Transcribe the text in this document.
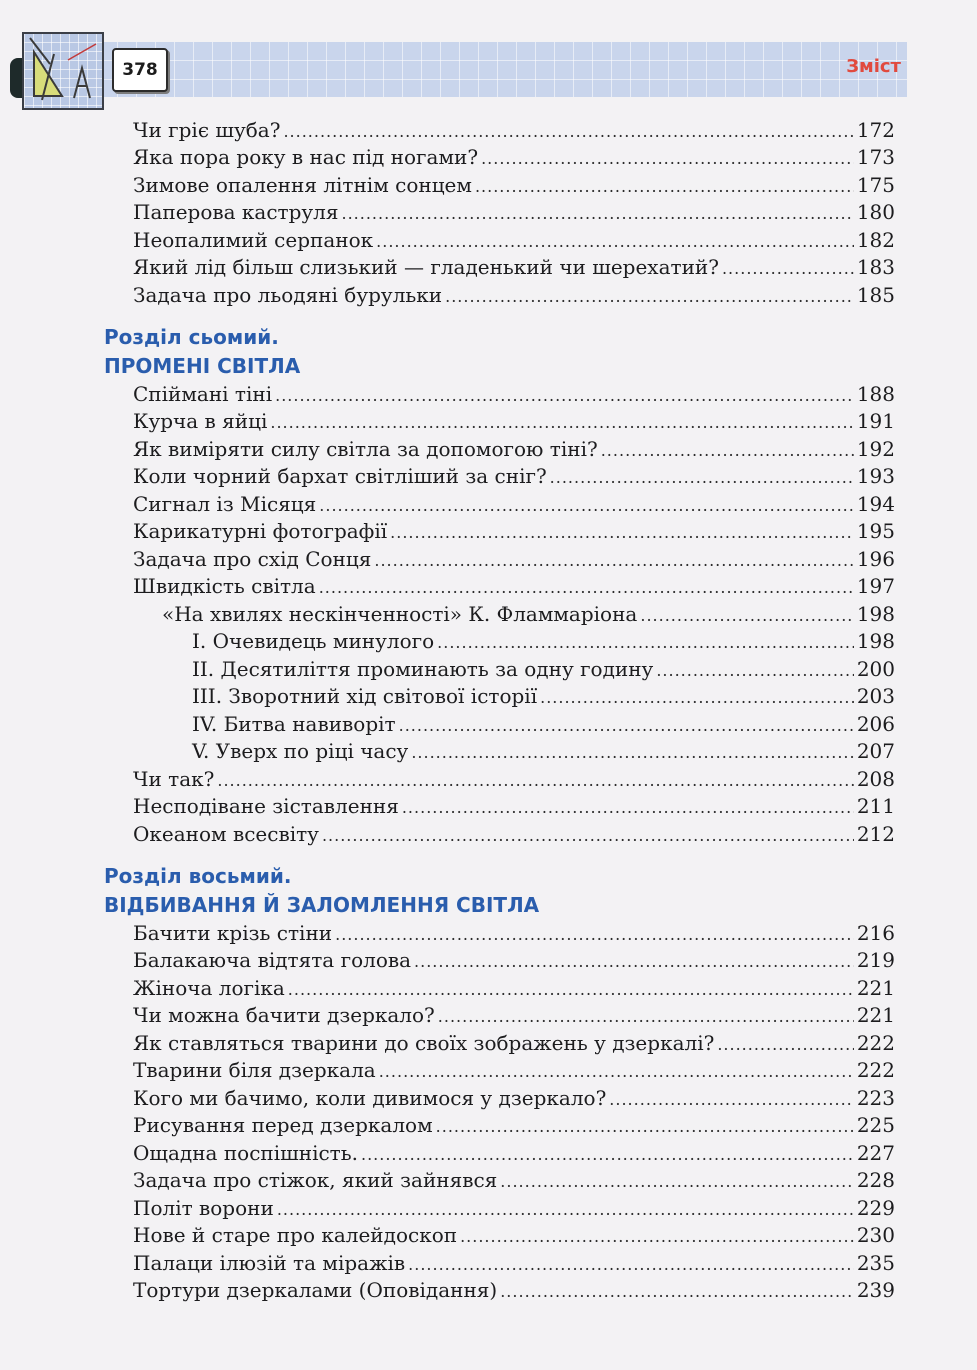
378	Зміст
Чи гріє шуба? .....	172
Яка пора року в нас під ногами? .....	173
Зимове опалення літнім сонцем .....	175
Паперова каструля .....	180
Неопалимий серпанок .....	182
Який лід більш слизький — гладенький чи шерехатий? .....	183
Задача про льодяні бурульки .....	185
Розділ сьомий.
ПРОМЕНІ СВІТЛА
Спіймані тіні .....	188
Курча в яйці .....	191
Як виміряти силу світла за допомогою тіні? .....	192
Коли чорний бархат світліший за сніг? .....	193
Сигнал із Місяця .....	194
Карикатурні фотографії .....	195
Задача про схід Сонця .....	196
Швидкість світла .....	197
«На хвилях нескінченності» К. Фламмаріона .....	198
І. Очевидець минулого .....	198
ІІ. Десятиліття проминають за одну годину .....	200
ІІІ. Зворотний хід світової історії .....	203
IV. Битва навиворіт .....	206
V. Уверх по ріці часу .....	207
Чи так? .....	208
Несподіване зіставлення .....	211
Океаном всесвіту .....	212
Розділ восьмий.
ВІДБИВАННЯ Й ЗАЛОМЛЕННЯ СВІТЛА
Бачити крізь стіни .....	216
Балакаюча відтята голова .....	219
Жіноча логіка .....	221
Чи можна бачити дзеркало? .....	221
Як ставляться тварини до своїх зображень у дзеркалі? .....	222
Тварини біля дзеркала .....	222
Кого ми бачимо, коли дивимося у дзеркало? .....	223
Рисування перед дзеркалом .....	225
Ощадна поспішність. .....	227
Задача про стіжок, який зайнявся .....	228
Політ ворони .....	229
Нове й старе про калейдоскоп .....	230
Палаци ілюзій та міражів .....	235
Тортури дзеркалами (Оповідання) .....	239
